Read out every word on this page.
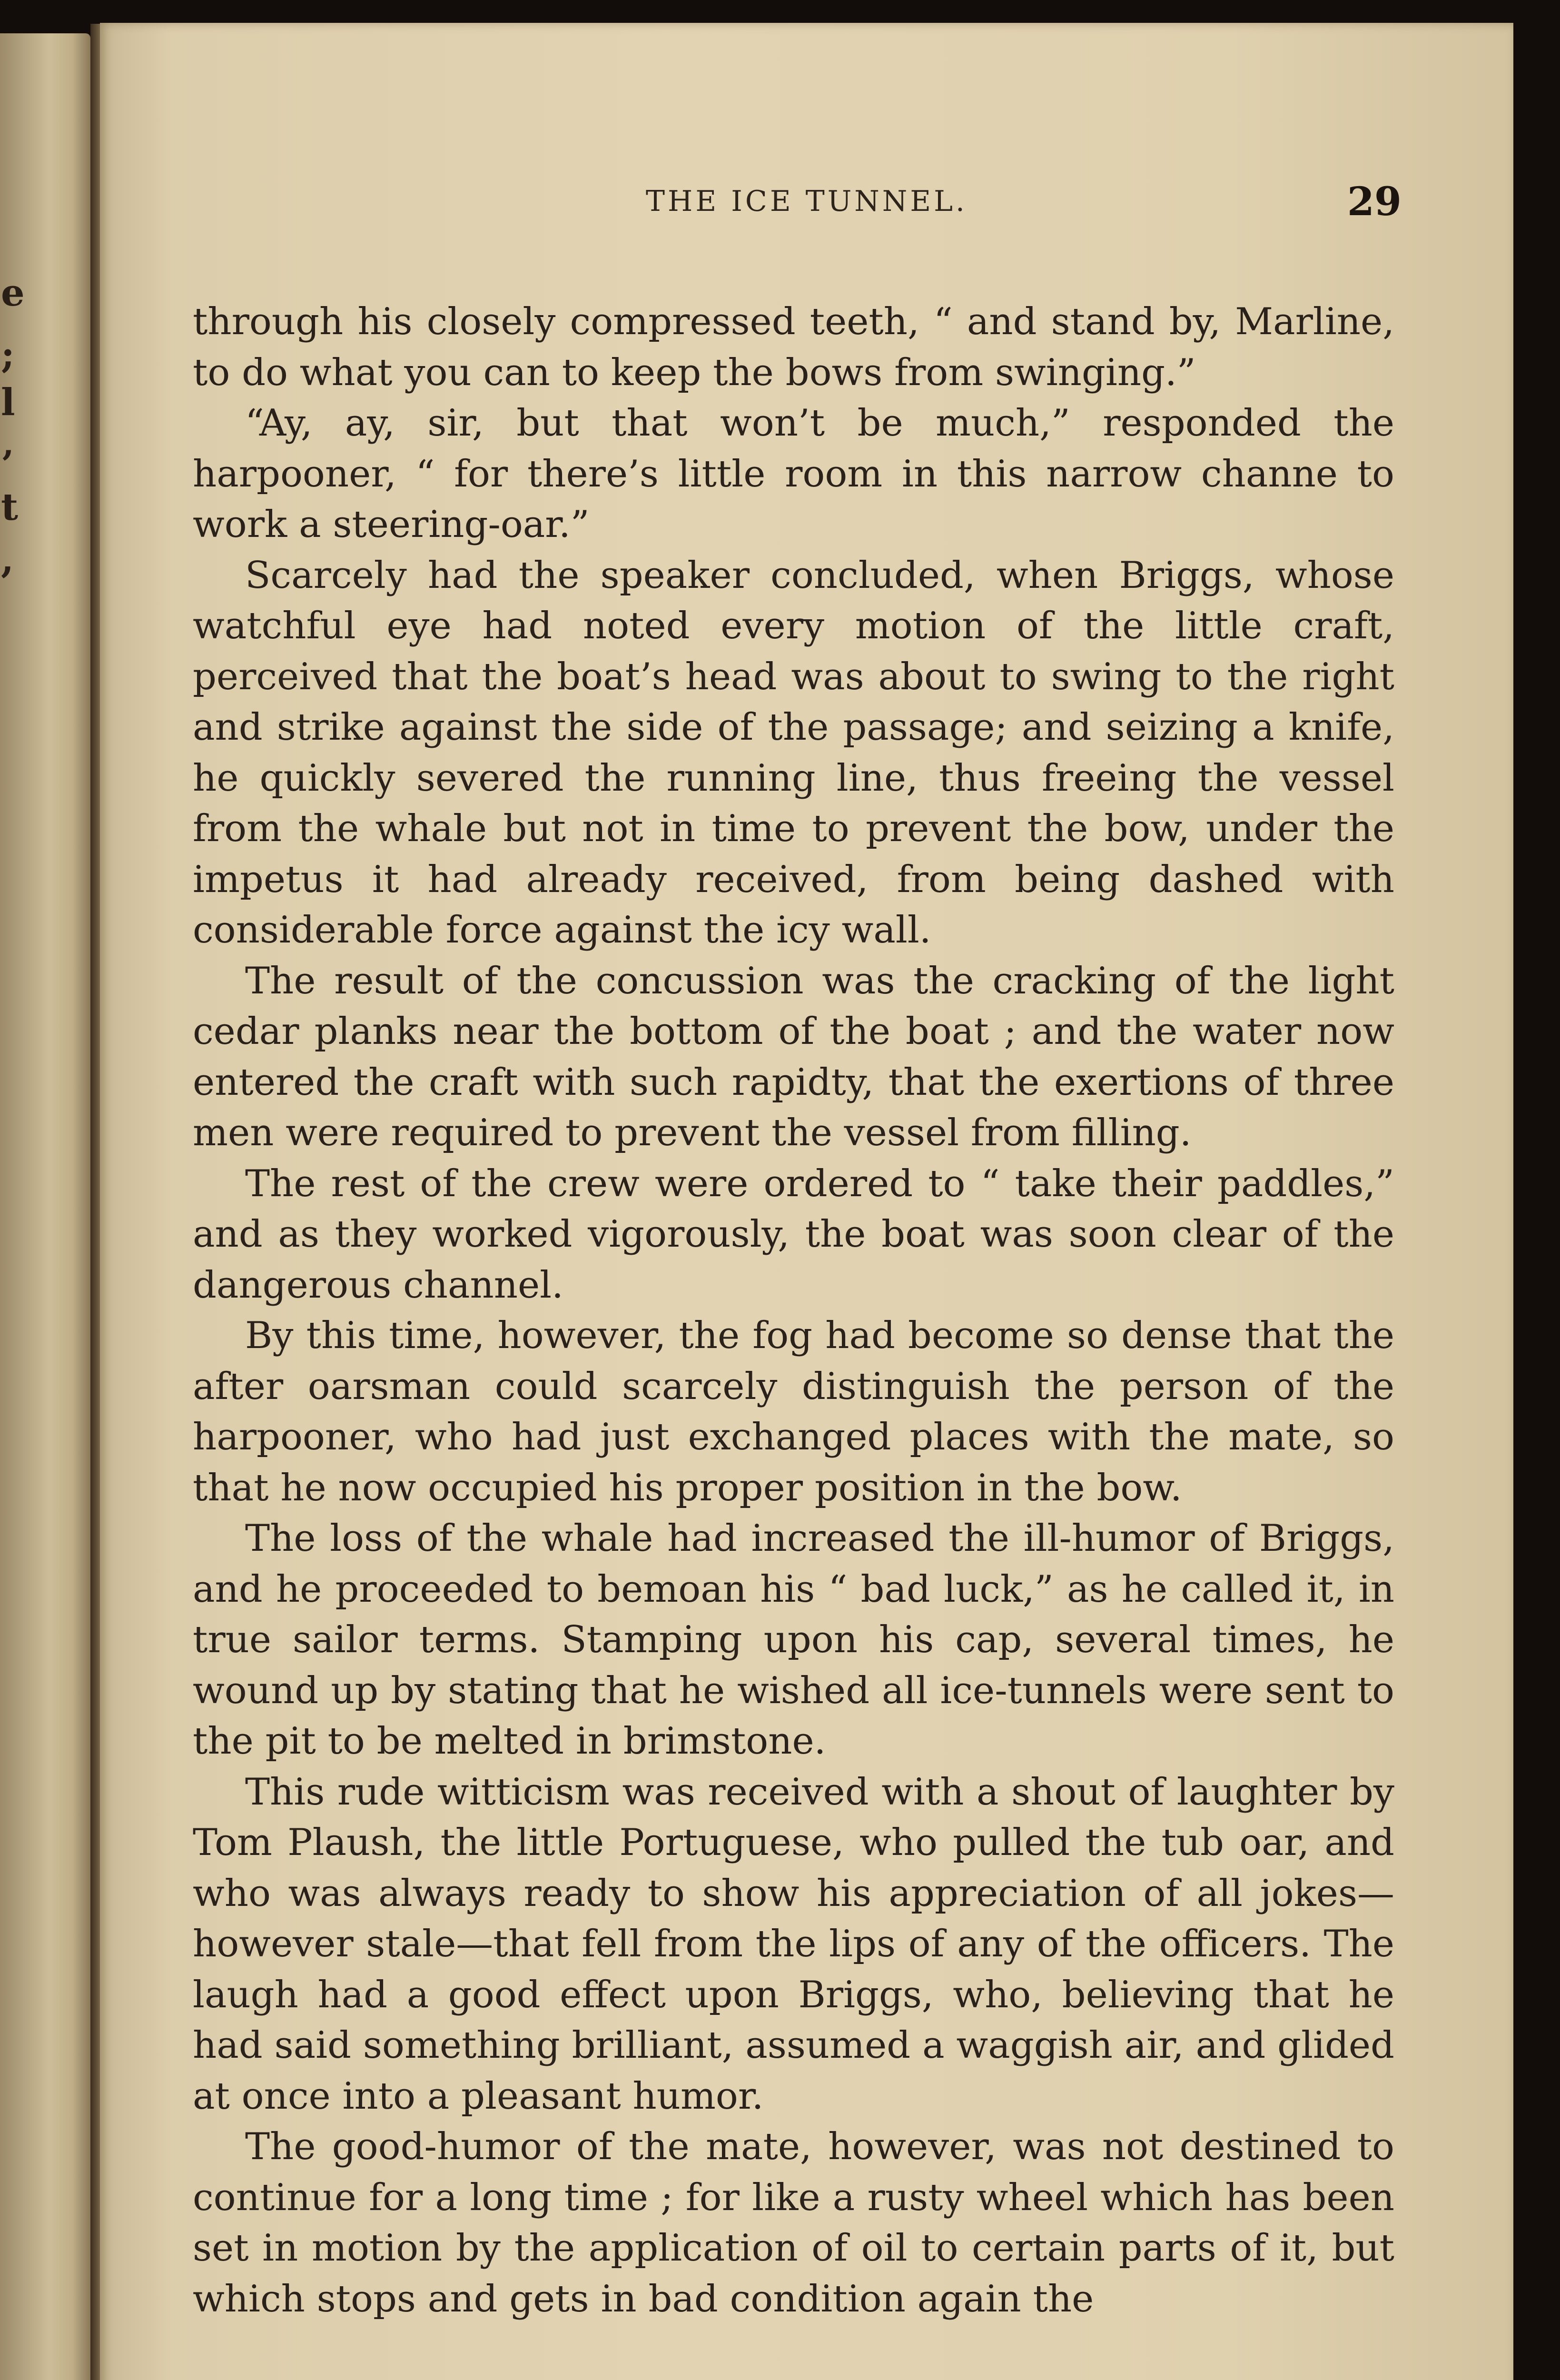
e
;
l
’
t
,
THE ICE TUNNEL.	29

through his closely compressed teeth, “ and stand by, Marline, to do what you can to keep the bows from swinging.”

“Ay, ay, sir, but that won’t be much,” responded the harpooner, “ for there’s little room in this narrow channe to work a steering-oar.”

Scarcely had the speaker concluded, when Briggs, whose watchful eye had noted every motion of the little craft, perceived that the boat’s head was about to swing to the right and strike against the side of the passage; and seizing a knife, he quickly severed the running line, thus freeing the vessel from the whale but not in time to prevent the bow, under the impetus it had already received, from being dashed with considerable force against the icy wall.

The result of the concussion was the cracking of the light cedar planks near the bottom of the boat ; and the water now entered the craft with such rapidty, that the exertions of three men were required to prevent the vessel from filling.

The rest of the crew were ordered to “ take their paddles,” and as they worked vigorously, the boat was soon clear of the dangerous channel.

By this time, however, the fog had become so dense that the after oarsman could scarcely distinguish the person of the harpooner, who had just exchanged places with the mate, so that he now occupied his proper position in the bow.

The loss of the whale had increased the ill-humor of Briggs, and he proceeded to bemoan his “ bad luck,” as he called it, in true sailor terms. Stamping upon his cap, several times, he wound up by stating that he wished all ice-tunnels were sent to the pit to be melted in brimstone.

This rude witticism was received with a shout of laughter by Tom Plaush, the little Portuguese, who pulled the tub oar, and who was always ready to show his appreciation of all jokes—however stale—that fell from the lips of any of the officers. The laugh had a good effect upon Briggs, who, believing that he had said something brilliant, assumed a waggish air, and glided at once into a pleasant humor.

The good-humor of the mate, however, was not destined to continue for a long time ; for like a rusty wheel which has been set in motion by the application of oil to certain parts of it, but which stops and gets in bad condition again the
